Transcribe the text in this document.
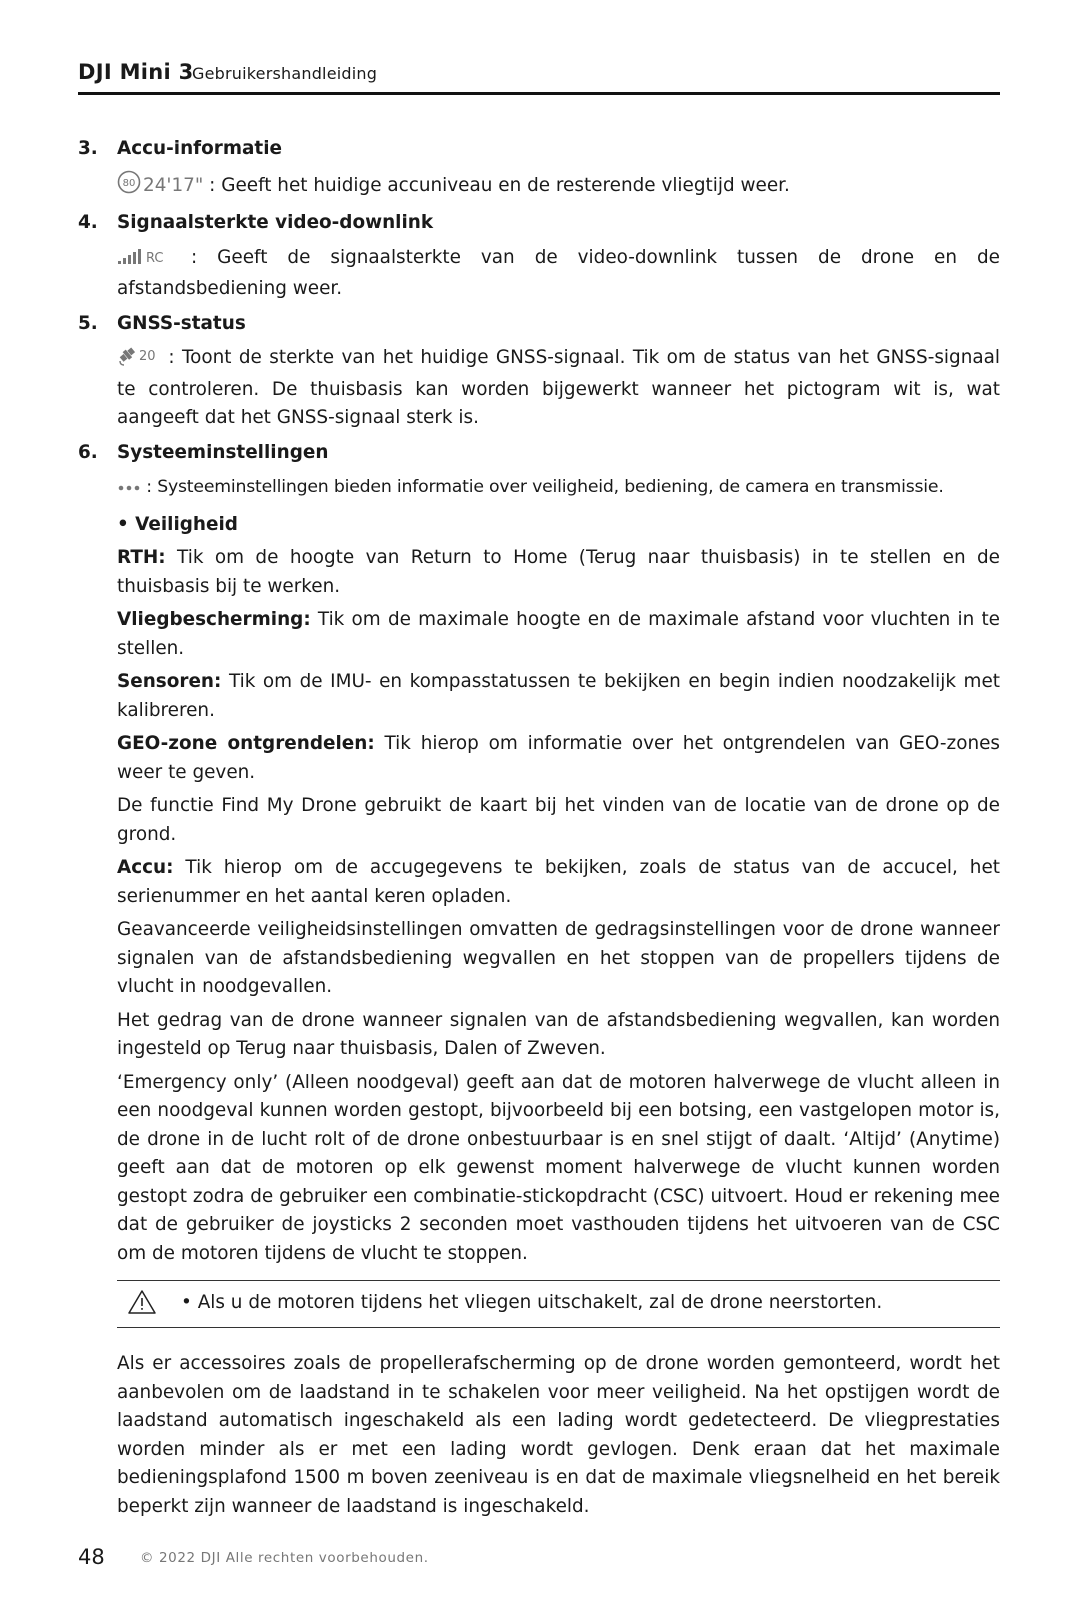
DJI Mini 3
Gebruikershandleiding
3. Accu-informatie

80 24'17" : Geeft het huidige accuniveau en de resterende vliegtijd weer.

4. Signaalsterkte video-downlink

RC : Geeft de signaalsterkte van de video-downlink tussen de drone en de afstandsbediening weer.

5. GNSS-status

20 : Toont de sterkte van het huidige GNSS-signaal. Tik om de status van het GNSS-signaal te controleren. De thuisbasis kan worden bijgewerkt wanneer het pictogram wit is, wat aangeeft dat het GNSS-signaal sterk is.

6. Systeeminstellingen

: Systeeminstellingen bieden informatie over veiligheid, bediening, de camera en transmissie.

• Veiligheid

RTH: Tik om de hoogte van Return to Home (Terug naar thuisbasis) in te stellen en de thuisbasis bij te werken.

Vliegbescherming: Tik om de maximale hoogte en de maximale afstand voor vluchten in te stellen.

Sensoren: Tik om de IMU- en kompasstatussen te bekijken en begin indien noodzakelijk met kalibreren.

GEO-zone ontgrendelen: Tik hierop om informatie over het ontgrendelen van GEO-zones weer te geven.

De functie Find My Drone gebruikt de kaart bij het vinden van de locatie van de drone op de grond.

Accu: Tik hierop om de accugegevens te bekijken, zoals de status van de accucel, het serienummer en het aantal keren opladen.

Geavanceerde veiligheidsinstellingen omvatten de gedragsinstellingen voor de drone wanneer signalen van de afstandsbediening wegvallen en het stoppen van de propellers tijdens de vlucht in noodgevallen.

Het gedrag van de drone wanneer signalen van de afstandsbediening wegvallen, kan worden ingesteld op Terug naar thuisbasis, Dalen of Zweven.

‘Emergency only’ (Alleen noodgeval) geeft aan dat de motoren halverwege de vlucht alleen in een noodgeval kunnen worden gestopt, bijvoorbeeld bij een botsing, een vastgelopen motor is, de drone in de lucht rolt of de drone onbestuurbaar is en snel stijgt of daalt. ‘Altijd’ (Anytime) geeft aan dat de motoren op elk gewenst moment halverwege de vlucht kunnen worden gestopt zodra de gebruiker een combinatie-stickopdracht (CSC) uitvoert. Houd er rekening mee dat de gebruiker de joysticks 2 seconden moet vasthouden tijdens het uitvoeren van de CSC om de motoren tijdens de vlucht te stoppen.

• Als u de motoren tijdens het vliegen uitschakelt, zal de drone neerstorten.

Als er accessoires zoals de propellerafscherming op de drone worden gemonteerd, wordt het aanbevolen om de laadstand in te schakelen voor meer veiligheid. Na het opstijgen wordt de laadstand automatisch ingeschakeld als een lading wordt gedetecteerd. De vliegprestaties worden minder als er met een lading wordt gevlogen. Denk eraan dat het maximale bedieningsplafond 1500 m boven zeeniveau is en dat de maximale vliegsnelheid en het bereik beperkt zijn wanneer de laadstand is ingeschakeld.

48	© 2022 DJI Alle rechten voorbehouden.
